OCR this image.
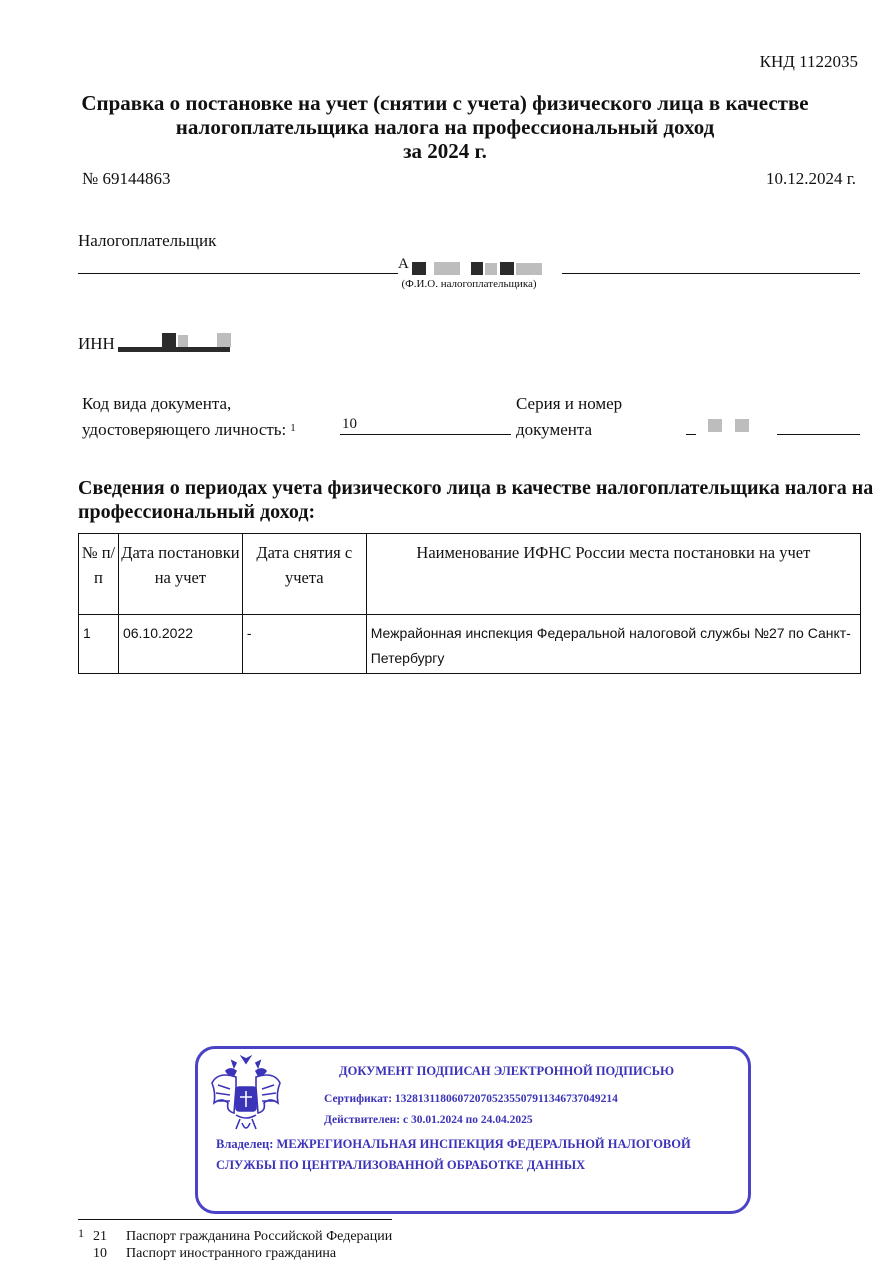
КНД 1122035
Справка о постановке на учет (снятии с учета) физического лица в качестве
налогоплательщика налога на профессиональный доход
за 2024 г.
№ 69144863	10.12.2024 г.
Налогоплательщик
А
(Ф.И.О. налогоплательщика)
ИНН
Код вида документа,
удостоверяющего личность: $^1$	10
Серия и номер
документа
Сведения о периодах учета физического лица в качестве налогоплательщика налога на профессиональный доход:
№ п/п	Дата постановки на учет	Дата снятия с учета	Наименование ИФНС России места постановки на учет
1	06.10.2022	-	Межрайонная инспекция Федеральной налоговой службы №27 по Санкт-Петербургу
ДОКУМЕНТ ПОДПИСАН ЭЛЕКТРОННОЙ ПОДПИСЬЮ
Сертификат: 132813118060720705235507911346737049214
Действителен: с 30.01.2024 по 24.04.2025
Владелец: МЕЖРЕГИОНАЛЬНАЯ ИНСПЕКЦИЯ ФЕДЕРАЛЬНОЙ НАЛОГОВОЙ
СЛУЖБЫ ПО ЦЕНТРАЛИЗОВАННОЙ ОБРАБОТКЕ ДАННЫХ
1 21 Паспорт гражданина Российской Федерации
10 Паспорт иностранного гражданина
